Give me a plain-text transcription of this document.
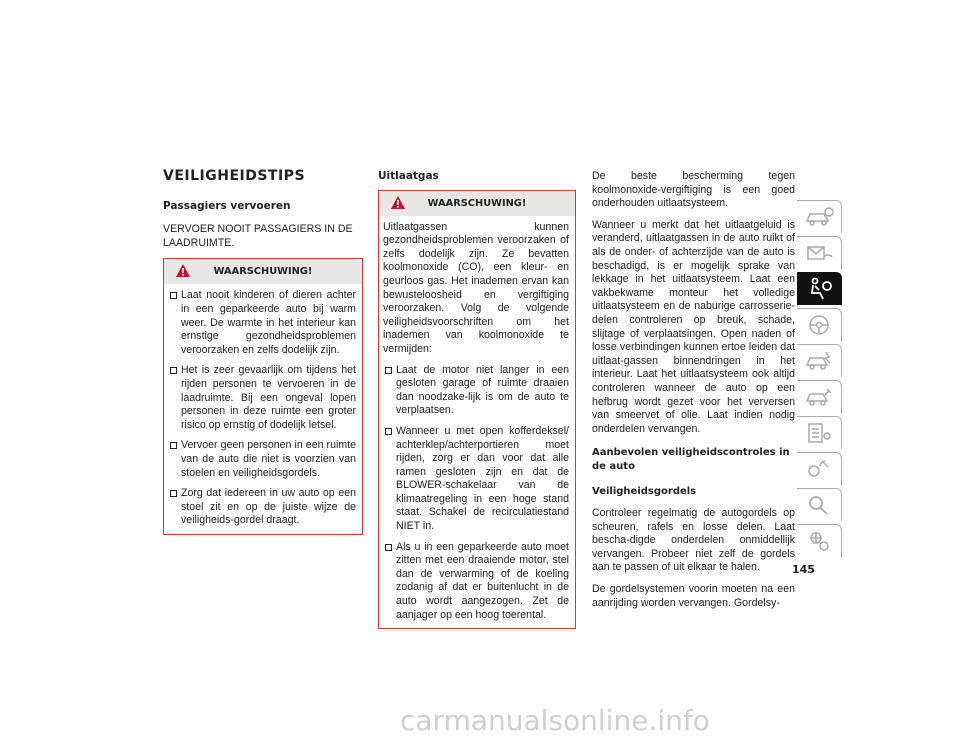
VEILIGHEIDSTIPS
Passagiers vervoeren

VERVOER NOOIT PASSAGIERS IN DE LAADRUIMTE.

WAARSCHUWING!
Laat nooit kinderen of dieren achter in een geparkeerde auto bij warm weer. De warmte in het interieur kan ernstige gezondheidsproblemen veroorzaken en zelfs dodelijk zijn.
Het is zeer gevaarlijk om tijdens het rijden personen te vervoeren in de laadruimte. Bij een ongeval lopen personen in deze ruimte een groter risico op ernstig of dodelijk letsel.
Vervoer geen personen in een ruimte van de auto die niet is voorzien van stoelen en veiligheidsgordels.
Zorg dat iedereen in uw auto op een stoel zit en op de juiste wijze de veiligheids-gordel draagt.
Uitlaatgas
WAARSCHUWING!

Uitlaatgassen kunnen gezondheidsproblemen veroorzaken of zelfs dodelijk zijn. Ze bevatten koolmonoxide (CO), een kleur- en geurloos gas. Het inademen ervan kan bewusteloosheid en vergiftiging veroorzaken. Volg de volgende veiligheidsvoorschriften om het inademen van koolmonoxide te vermijden:

Laat de motor niet langer in een gesloten garage of ruimte draaien dan noodzake-lijk is om de auto te verplaatsen.
Wanneer u met open kofferdeksel/ achterklep/achterportieren moet rijden, zorg er dan voor dat alle ramen gesloten zijn en dat de BLOWER-schakelaar van de klimaatregeling in een hoge stand staat. Schakel de recirculatiestand NIET in.
Als u in een geparkeerde auto moet zitten met een draaiende motor, stel dan de verwarming of de koeling zodanig af dat er buitenlucht in de auto wordt aangezogen. Zet de aanjager op een hoog toerental.

De beste bescherming tegen koolmonoxide-vergiftiging is een goed onderhouden uitlaatsysteem.

Wanneer u merkt dat het uitlaatgeluid is veranderd, uitlaatgassen in de auto ruikt of als de onder- of achterzijde van de auto is beschadigd, is er mogelijk sprake van lekkage in het uitlaatsysteem. Laat een vakbekwame monteur het volledige uitlaatsysteem en de naburige carrosserie-delen controleren op breuk, schade, slijtage of verplaatsingen. Open naden of losse verbindingen kunnen ertoe leiden dat uitlaat-gassen binnendringen in het interieur. Laat het uitlaatsysteem ook altijd controleren wanneer de auto op een hefbrug wordt gezet voor het verversen van smeervet of olie. Laat indien nodig onderdelen vervangen.

Aanbevolen veiligheidscontroles in de auto
Veiligheidsgordels

Controleer regelmatig de autogordels op scheuren, rafels en losse delen. Laat bescha-digde onderdelen onmiddellijk vervangen. Probeer niet zelf de gordels aan te passen of uit elkaar te halen.

De gordelsystemen voorin moeten na een aanrijding worden vervangen. Gordelsy-

145
carmanualsonline.info
